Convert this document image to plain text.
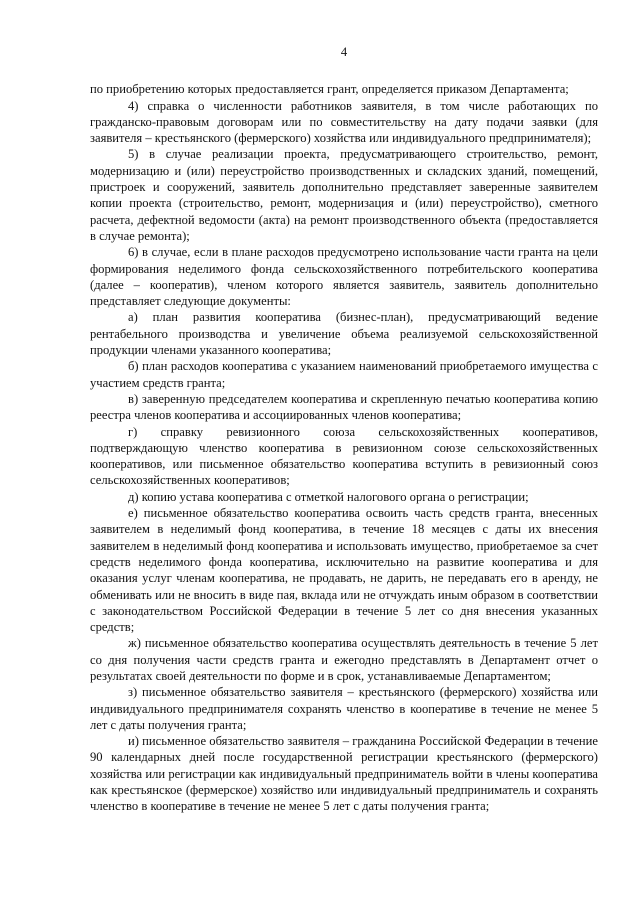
4

по приобретению которых предоставляется грант, определяется приказом Департамента;

4) справка о численности работников заявителя, в том числе работающих по гражданско-правовым договорам или по совместительству на дату подачи заявки (для заявителя – крестьянского (фермерского) хозяйства или индивидуального предпринимателя);

5) в случае реализации проекта, предусматривающего строительство, ремонт, модернизацию и (или) переустройство производственных и складских зданий, помещений, пристроек и сооружений, заявитель дополнительно представляет заверенные заявителем копии проекта (строительство, ремонт, модернизация и (или) переустройство), сметного расчета, дефектной ведомости (акта) на ремонт производственного объекта (предоставляется в случае ремонта);

6) в случае, если в плане расходов предусмотрено использование части гранта на цели формирования неделимого фонда сельскохозяйственного потребительского кооператива (далее – кооператив), членом которого является заявитель, заявитель дополнительно представляет следующие документы:

а) план развития кооператива (бизнес-план), предусматривающий ведение рентабельного производства и увеличение объема реализуемой сельскохозяйственной продукции членами указанного кооператива;

б) план расходов кооператива с указанием наименований приобретаемого имущества с участием средств гранта;

в) заверенную председателем кооператива и скрепленную печатью кооператива копию реестра членов кооператива и ассоциированных членов кооператива;

г) справку ревизионного союза сельскохозяйственных кооперативов, подтверждающую членство кооператива в ревизионном союзе сельскохозяйственных кооперативов, или письменное обязательство кооператива вступить в ревизионный союз сельскохозяйственных кооперативов;

д) копию устава кооператива с отметкой налогового органа о регистрации;

е) письменное обязательство кооператива освоить часть средств гранта, внесенных заявителем в неделимый фонд кооператива, в течение 18 месяцев с даты их внесения заявителем в неделимый фонд кооператива и использовать имущество, приобретаемое за счет средств неделимого фонда кооператива, исключительно на развитие кооператива и для оказания услуг членам кооператива, не продавать, не дарить, не передавать его в аренду, не обменивать или не вносить в виде пая, вклада или не отчуждать иным образом в соответствии с законодательством Российской Федерации в течение 5 лет со дня внесения указанных средств;

ж) письменное обязательство кооператива осуществлять деятельность в течение 5 лет со дня получения части средств гранта и ежегодно представлять в Департамент отчет о результатах своей деятельности по форме и в срок, устанавливаемые Департаментом;

з) письменное обязательство заявителя – крестьянского (фермерского) хозяйства или индивидуального предпринимателя сохранять членство в кооперативе в течение не менее 5 лет с даты получения гранта;

и) письменное обязательство заявителя – гражданина Российской Федерации в течение 90 календарных дней после государственной регистрации крестьянского (фермерского) хозяйства или регистрации как индивидуальный предприниматель войти в члены кооператива как крестьянское (фермерское) хозяйство или индивидуальный предприниматель и сохранять членство в кооперативе в течение не менее 5 лет с даты получения гранта;
